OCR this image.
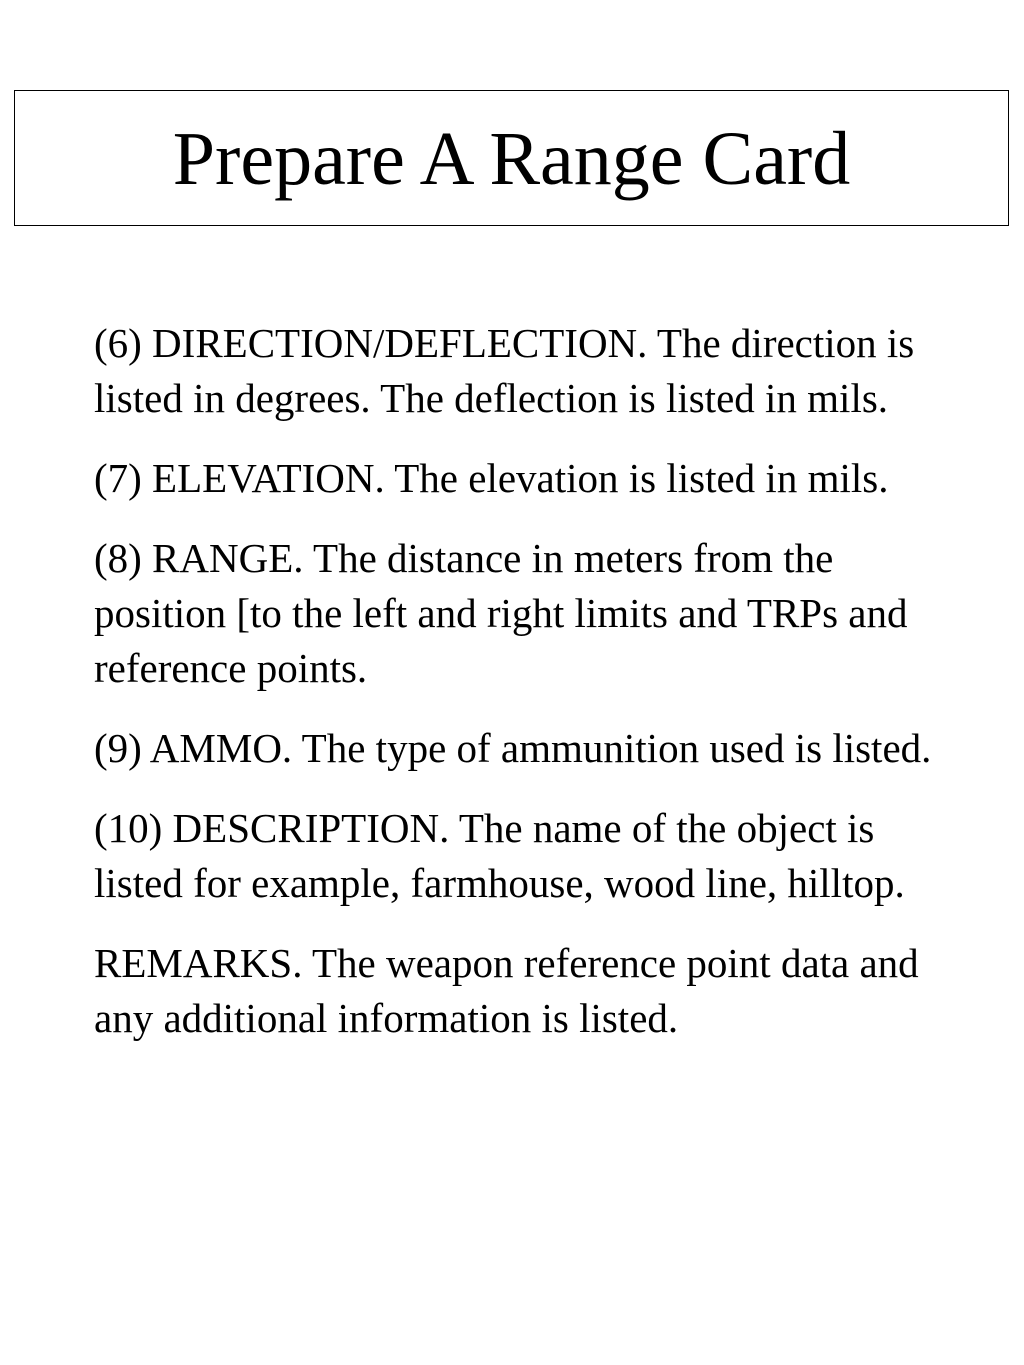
Prepare A Range Card

(6) DIRECTION/DEFLECTION. The direction is listed in degrees. The deflection is listed in mils.

(7) ELEVATION. The elevation is listed in mils.

(8) RANGE. The distance in meters from the position [to the left and right limits and TRPs and reference points.

(9) AMMO. The type of ammunition used is listed.

(10) DESCRIPTION. The name of the object is listed for example, farmhouse, wood line, hilltop.

REMARKS. The weapon reference point data and any additional information is listed.
